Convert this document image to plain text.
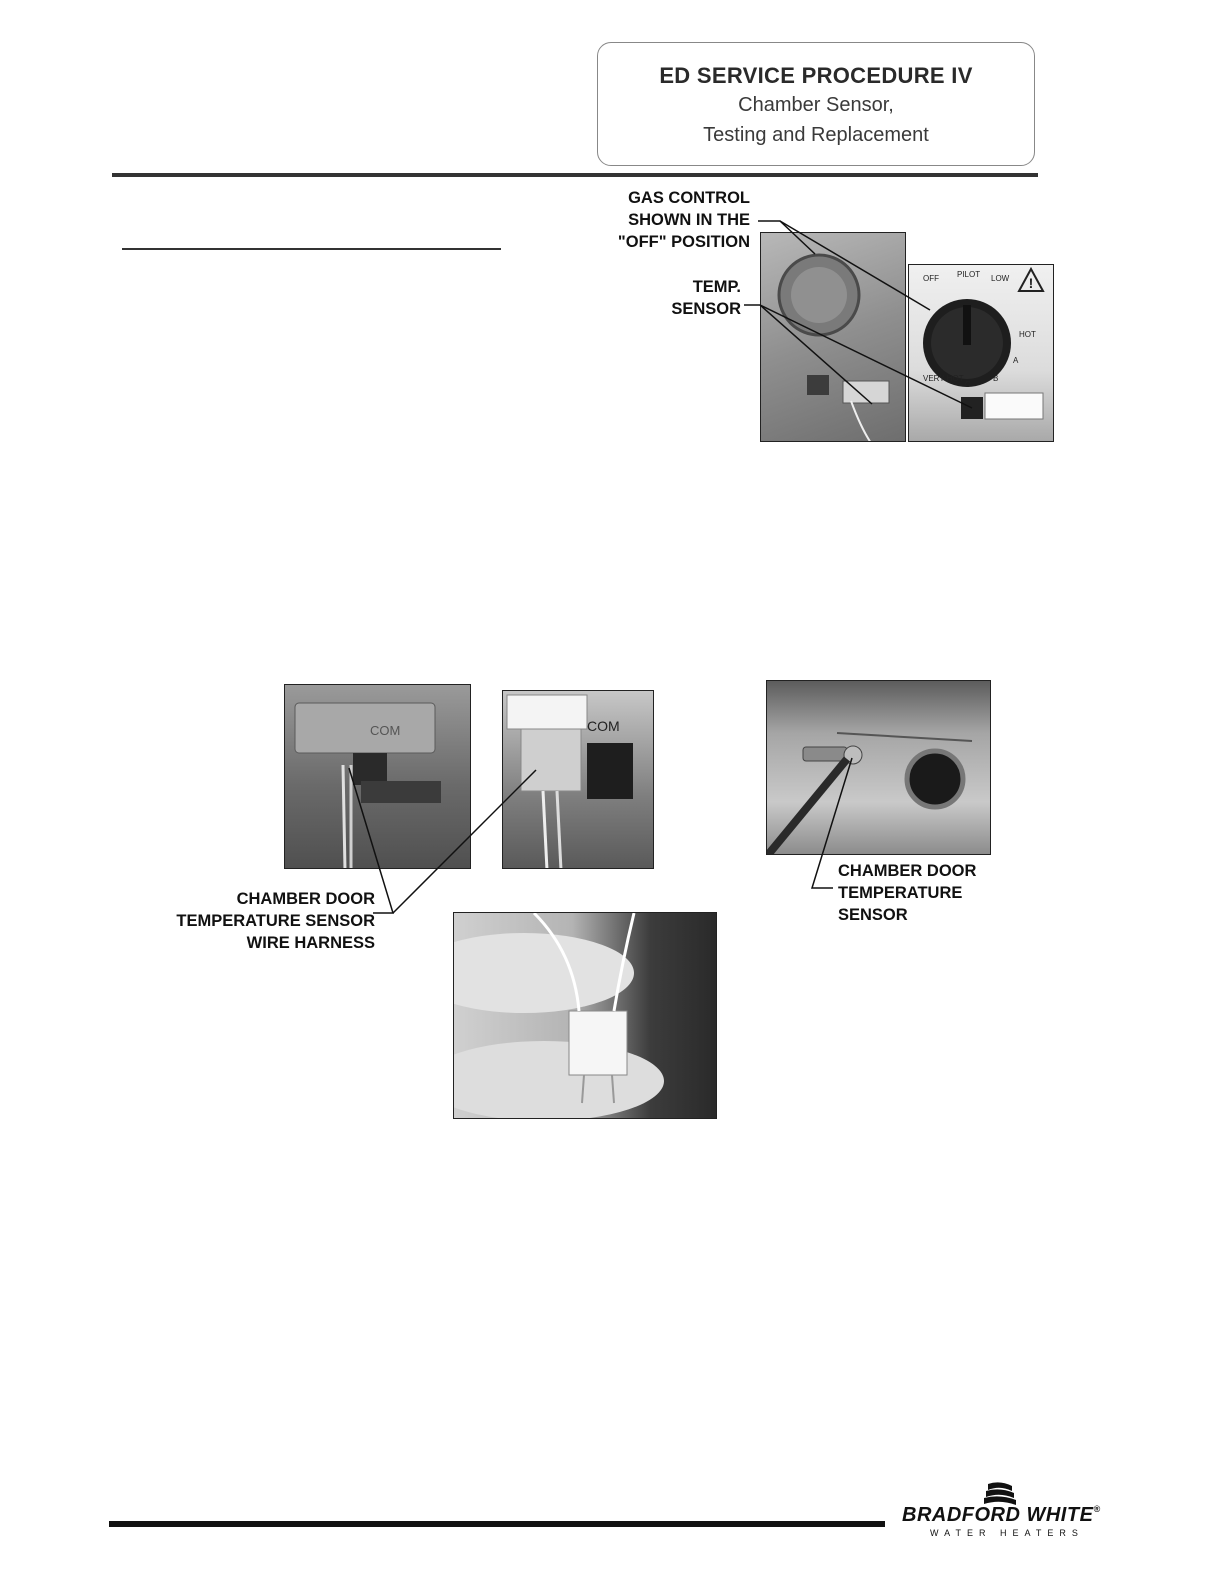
ED SERVICE PROCEDURE IV
Chamber Sensor,
Testing and Replacement
!
OFF PILOT LOW
HOT
A
B
C
VERY HOT
GAS CONTROL
SHOWN IN THE
"OFF" POSITION
TEMP.
SENSOR
COM	COM
CHAMBER DOOR
TEMPERATURE SENSOR
WIRE HARNESS
CHAMBER DOOR
TEMPERATURE
SENSOR
BRADFORD WHITE®
WATER HEATERS
